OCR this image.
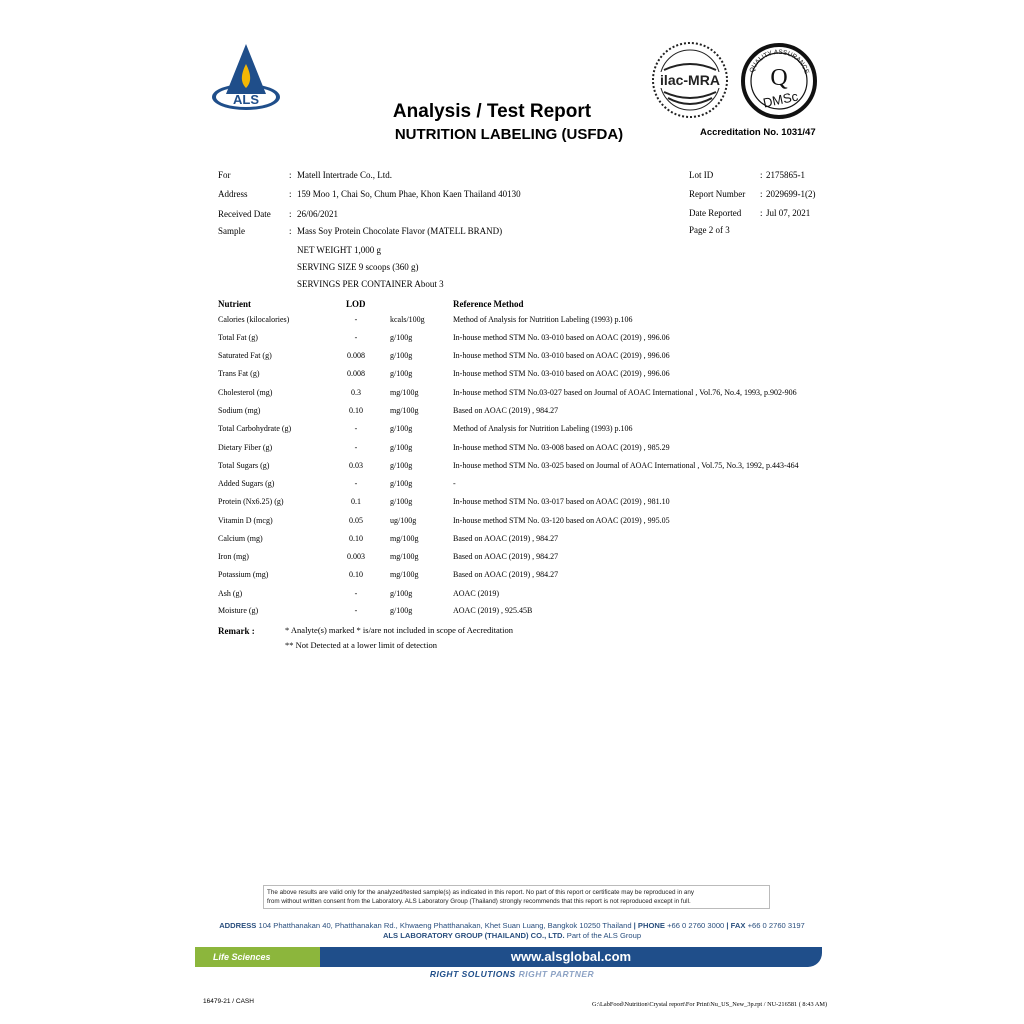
ALS
Analysis / Test Report
NUTRITION LABELING (USFDA)	Accreditation No. 1031/47
ilac-MRA
QUALITY ASSURANCE
Q
DMSc
For	: Matell Intertrade Co., Ltd.
Address	: 159 Moo 1, Chai So, Chum Phae, Khon Kaen Thailand 40130
Received Date : 26/06/2021
Sample	: Mass Soy Protein Chocolate Flavor (MATELL BRAND)
NET WEIGHT 1,000 g
SERVING SIZE 9 scoops (360 g)
SERVINGS PER CONTAINER About 3
Lot ID	: 2175865-1
Report Number : 2029699-1(2)
Date Reported : Jul 07, 2021
Page 2 of 3
Nutrient	LOD	Reference Method
Calories (kilocalories)	-	kcals/100g	Method of Analysis for Nutrition Labeling (1993) p.106
Total Fat (g)	-	g/100g	In-house method STM No. 03-010 based on AOAC (2019) , 996.06
Saturated Fat (g)	0.008	g/100g	In-house method STM No. 03-010 based on AOAC (2019) , 996.06
Trans Fat (g)	0.008	g/100g	In-house method STM No. 03-010 based on AOAC (2019) , 996.06
Cholesterol (mg)	0.3	mg/100g	In-house method STM No.03-027 based on Journal of AOAC International , Vol.76, No.4, 1993, p.902-906
Sodium (mg)	0.10	mg/100g	Based on AOAC (2019) , 984.27
Total Carbohydrate (g)	-	g/100g	Method of Analysis for Nutrition Labeling (1993) p.106
Dietary Fiber (g)	-	g/100g	In-house method STM No. 03-008 based on AOAC (2019) , 985.29
Total Sugars (g)	0.03	g/100g	In-house method STM No. 03-025 based on Journal of AOAC International , Vol.75, No.3, 1992, p.443-464
Added Sugars (g)	-	g/100g	-
Protein (Nx6.25) (g)	0.1	g/100g	In-house method STM No. 03-017 based on AOAC (2019) , 981.10
Vitamin D (mcg)	0.05	ug/100g	In-house method STM No. 03-120 based on AOAC (2019) , 995.05
Calcium (mg)	0.10	mg/100g	Based on AOAC (2019) , 984.27
Iron (mg)	0.003	mg/100g	Based on AOAC (2019) , 984.27
Potassium (mg)	0.10	mg/100g	Based on AOAC (2019) , 984.27
Ash (g)	-	g/100g	AOAC (2019)
Moisture (g)	-	g/100g	AOAC (2019) , 925.45B
Remark :	* Analyte(s) marked * is/are not included in scope of Aecreditation
** Not Detected at a lower limit of detection
The above results are valid only for the analyzed/tested sample(s) as indicated in this report. No part of this report or certificate may be reproduced in any
from without written consent from the Laboratory. ALS Laboratory Group (Thailand) strongly recommends that this report is not reproduced except in full.
ADDRESS 104 Phatthanakan 40, Phatthanakan Rd., Khwaeng Phatthanakan, Khet Suan Luang, Bangkok 10250 Thailand | PHONE +66 0 2760 3000 | FAX +66 0 2760 3197
ALS LABORATORY GROUP (THAILAND) CO., LTD. Part of the ALS Group
Life Sciences	www.alsglobal.com
RIGHT SOLUTIONS RIGHT PARTNER
16479-21 / CASH	G:\LabFood\Nutrition\Crystal report\For Print\Nu_US_New_3p.rpt / NU-216581 ( 8:43 AM)
